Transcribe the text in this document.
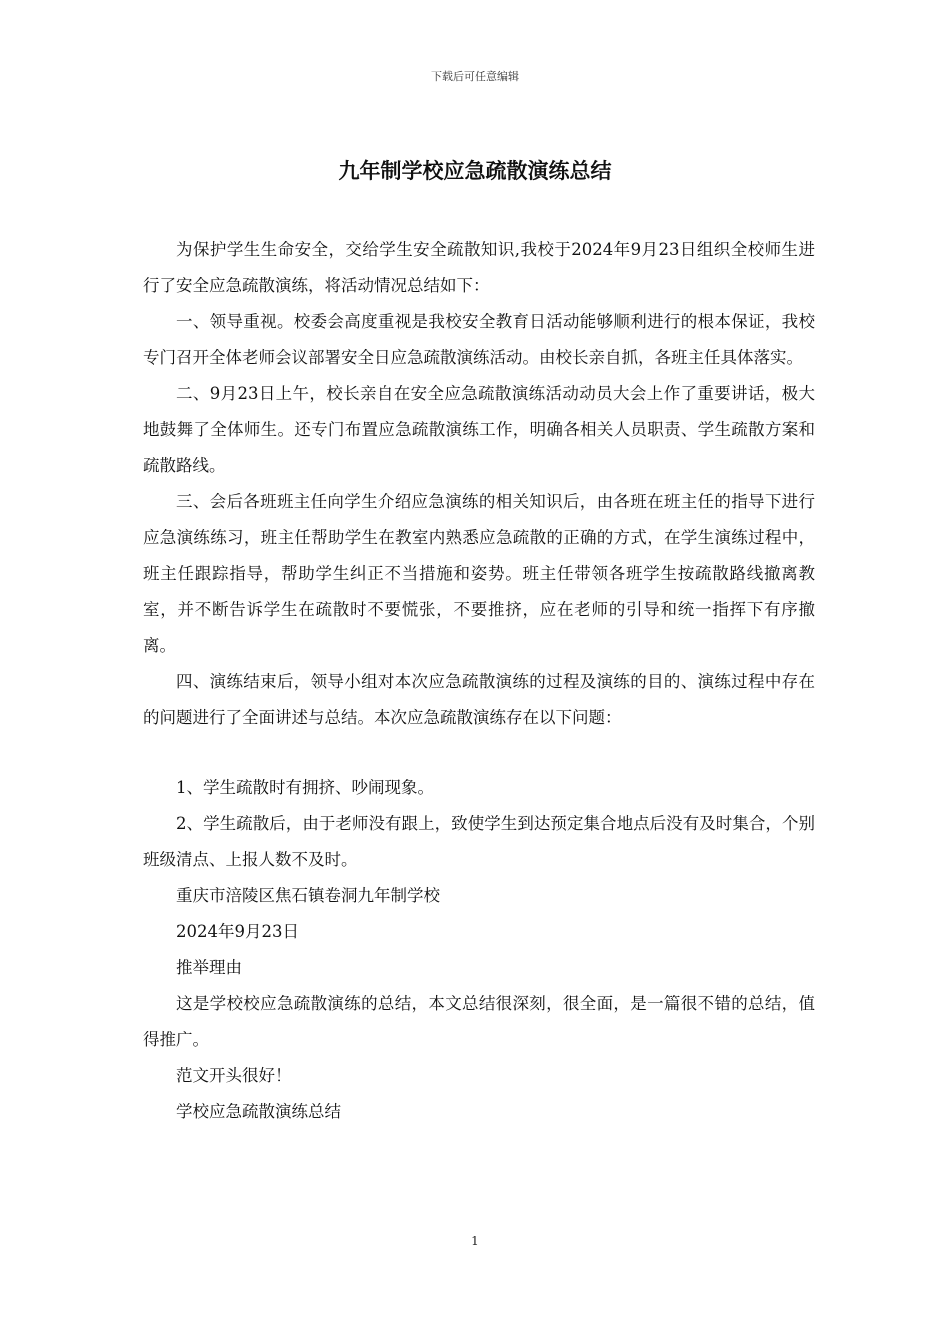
下载后可任意编辑
九年制学校应急疏散演练总结

为保护学生生命安全，交给学生安全疏散知识,我校于2024年9月23日组织全校师生进行了安全应急疏散演练，将活动情况总结如下：

一、领导重视。校委会高度重视是我校安全教育日活动能够顺利进行的根本保证，我校专门召开全体老师会议部署安全日应急疏散演练活动。由校长亲自抓，各班主任具体落实。

二、9月23日上午，校长亲自在安全应急疏散演练活动动员大会上作了重要讲话，极大地鼓舞了全体师生。还专门布置应急疏散演练工作，明确各相关人员职责、学生疏散方案和疏散路线。

三、会后各班班主任向学生介绍应急演练的相关知识后，由各班在班主任的指导下进行应急演练练习，班主任帮助学生在教室内熟悉应急疏散的正确的方式，在学生演练过程中，班主任跟踪指导，帮助学生纠正不当措施和姿势。班主任带领各班学生按疏散路线撤离教室，并不断告诉学生在疏散时不要慌张，不要推挤，应在老师的引导和统一指挥下有序撤离。

四、演练结束后，领导小组对本次应急疏散演练的过程及演练的目的、演练过程中存在的问题进行了全面讲述与总结。本次应急疏散演练存在以下问题：

1、学生疏散时有拥挤、吵闹现象。

2、学生疏散后，由于老师没有跟上，致使学生到达预定集合地点后没有及时集合，个别班级清点、上报人数不及时。

重庆市涪陵区焦石镇卷洞九年制学校

2024年9月23日

推举理由

这是学校校应急疏散演练的总结，本文总结很深刻，很全面，是一篇很不错的总结，值得推广。

范文开头很好！

学校应急疏散演练总结

1
